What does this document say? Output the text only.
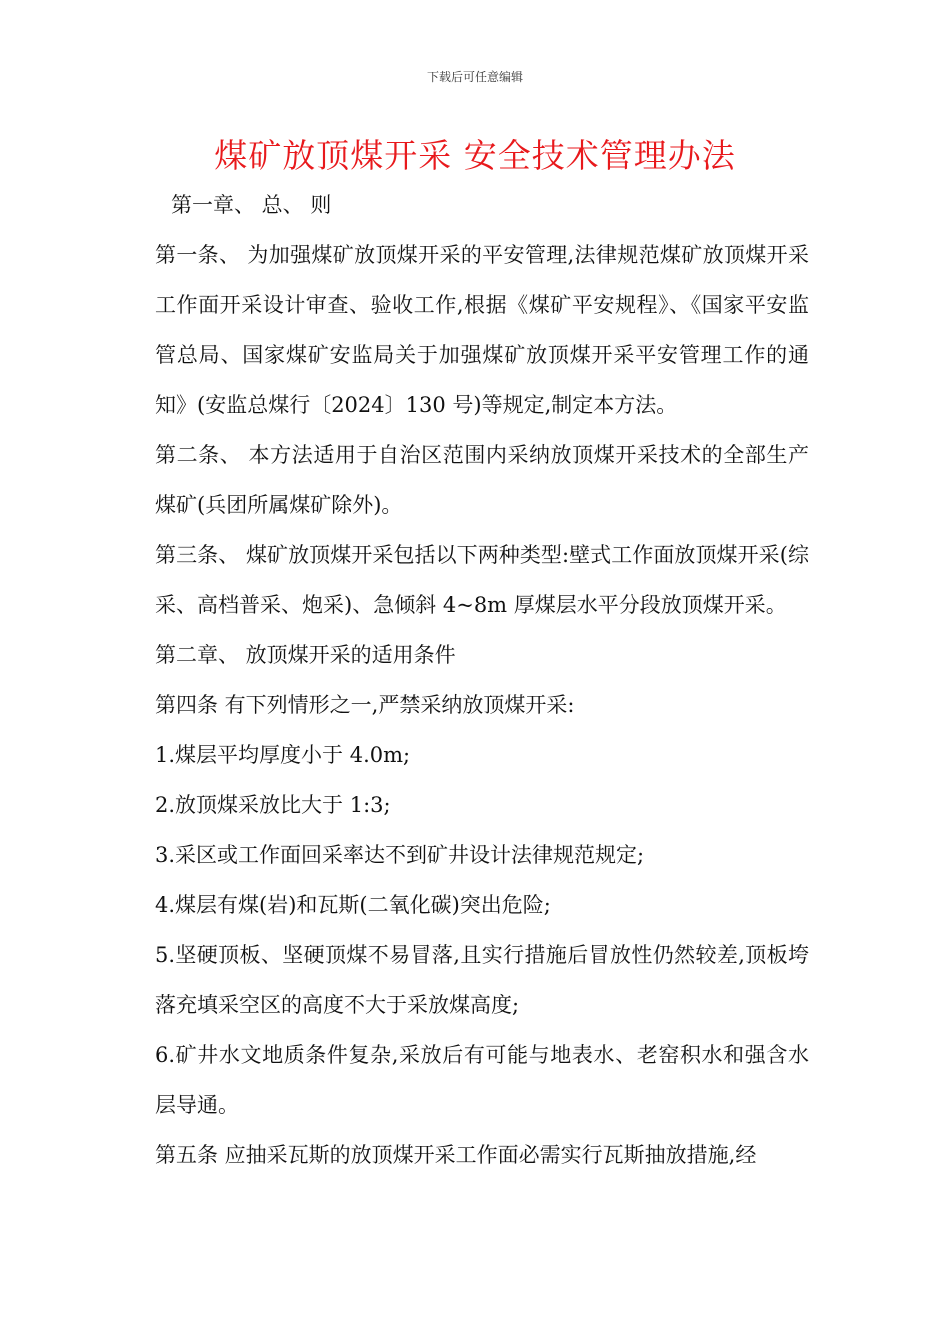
下载后可任意编辑
煤矿放顶煤开采 安全技术管理办法

第一章、 总、 则

第一条、 为加强煤矿放顶煤开采的平安管理,法律规范煤矿放顶煤开采工作面开采设计审查、验收工作,根据《煤矿平安规程》、《国家平安监管总局、国家煤矿安监局关于加强煤矿放顶煤开采平安管理工作的通知》(安监总煤行〔2024〕130 号)等规定,制定本方法。

第二条、 本方法适用于自治区范围内采纳放顶煤开采技术的全部生产煤矿(兵团所属煤矿除外)。

第三条、 煤矿放顶煤开采包括以下两种类型:壁式工作面放顶煤开采(综采、高档普采、炮采)、急倾斜 4~8m 厚煤层水平分段放顶煤开采。

第二章、 放顶煤开采的适用条件

第四条 有下列情形之一,严禁采纳放顶煤开采:

1.煤层平均厚度小于 4.0m;

2.放顶煤采放比大于 1:3;

3.采区或工作面回采率达不到矿井设计法律规范规定;

4.煤层有煤(岩)和瓦斯(二氧化碳)突出危险;

5.坚硬顶板、坚硬顶煤不易冒落,且实行措施后冒放性仍然较差,顶板垮落充填采空区的高度不大于采放煤高度;

6.矿井水文地质条件复杂,采放后有可能与地表水、老窑积水和强含水层导通。

第五条 应抽采瓦斯的放顶煤开采工作面必需实行瓦斯抽放措施,经
